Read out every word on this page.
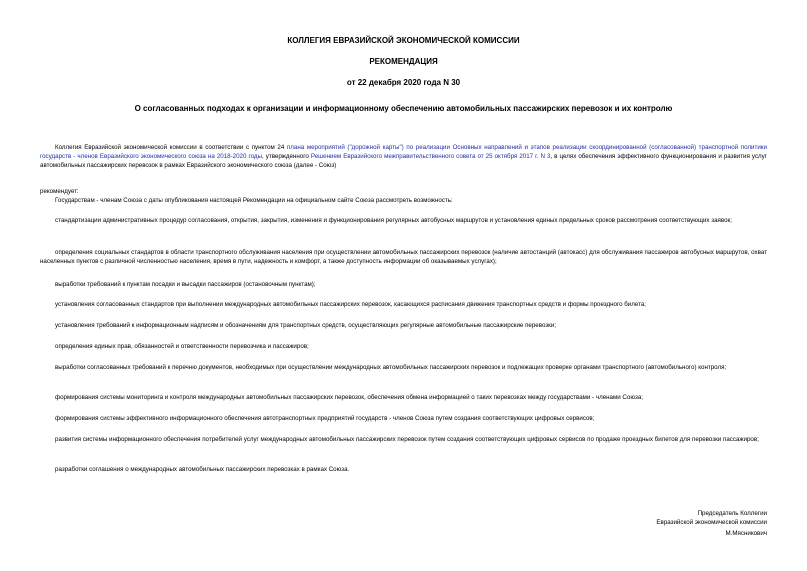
КОЛЛЕГИЯ ЕВРАЗИЙСКОЙ ЭКОНОМИЧЕСКОЙ КОМИССИИ
РЕКОМЕНДАЦИЯ
от 22 декабря 2020 года N 30
О согласованных подходах к организации и информационному обеспечению автомобильных пассажирских перевозок и их контролю
Коллегия Евразийской экономической комиссии в соответствии с пунктом 24 плана мероприятий ("дорожной карты") по реализации Основных направлений и этапов реализации скоординированной (согласованной) транспортной политики государств - членов Евразийского экономического союза на 2018-2020 годы, утвержденного Решением Евразийского межправительственного совета от 25 октября 2017 г. N 3, в целях обеспечения эффективного функционирования и развития услуг автомобильных пассажирских перевозок в рамках Евразийского экономического союза (далее - Союз)
рекомендует:
Государствам - членам Союза с даты опубликования настоящей Рекомендации на официальном сайте Союза рассмотреть возможность:
стандартизации административных процедур согласования, открытия, закрытия, изменения и функционирования регулярных автобусных маршрутов и установления единых предельных сроков рассмотрения соответствующих заявок;
определения социальных стандартов в области транспортного обслуживания населения при осуществлении автомобильных пассажирских перевозок (наличие автостанций (автокасс) для обслуживания пассажиров автобусных маршрутов, охват населенных пунктов с различной численностью населения, время в пути, надежность и комфорт, а также доступность информации об оказываемых услугах);
выработки требований к пунктам посадки и высадки пассажиров (остановочным пунктам);
установления согласованных стандартов при выполнении международных автомобильных пассажирских перевозок, касающихся расписания движения транспортных средств и формы проездного билета;
установления требований к информационным надписям и обозначениям для транспортных средств, осуществляющих регулярные автомобильные пассажирские перевозки;
определения единых прав, обязанностей и ответственности перевозчика и пассажиров;
выработки согласованных требований к перечню документов, необходимых при осуществлении международных автомобильных пассажирских перевозок и подлежащих проверке органами транспортного (автомобильного) контроля;
формирования системы мониторинга и контроля международных автомобильных пассажирских перевозок, обеспечения обмена информацией о таких перевозках между государствами - членами Союза;
формирования системы эффективного информационного обеспечения автотранспортных предприятий государств - членов Союза путем создания соответствующих цифровых сервисов;
развития системы информационного обеспечения потребителей услуг международных автомобильных пассажирских перевозок путем создания соответствующих цифровых сервисов по продаже проездных билетов для перевозки пассажиров;
разработки соглашения о международных автомобильных пассажирских перевозках в рамках Союза.
Председатель Коллегии
Евразийской экономической комиссии
М.Мясникович
